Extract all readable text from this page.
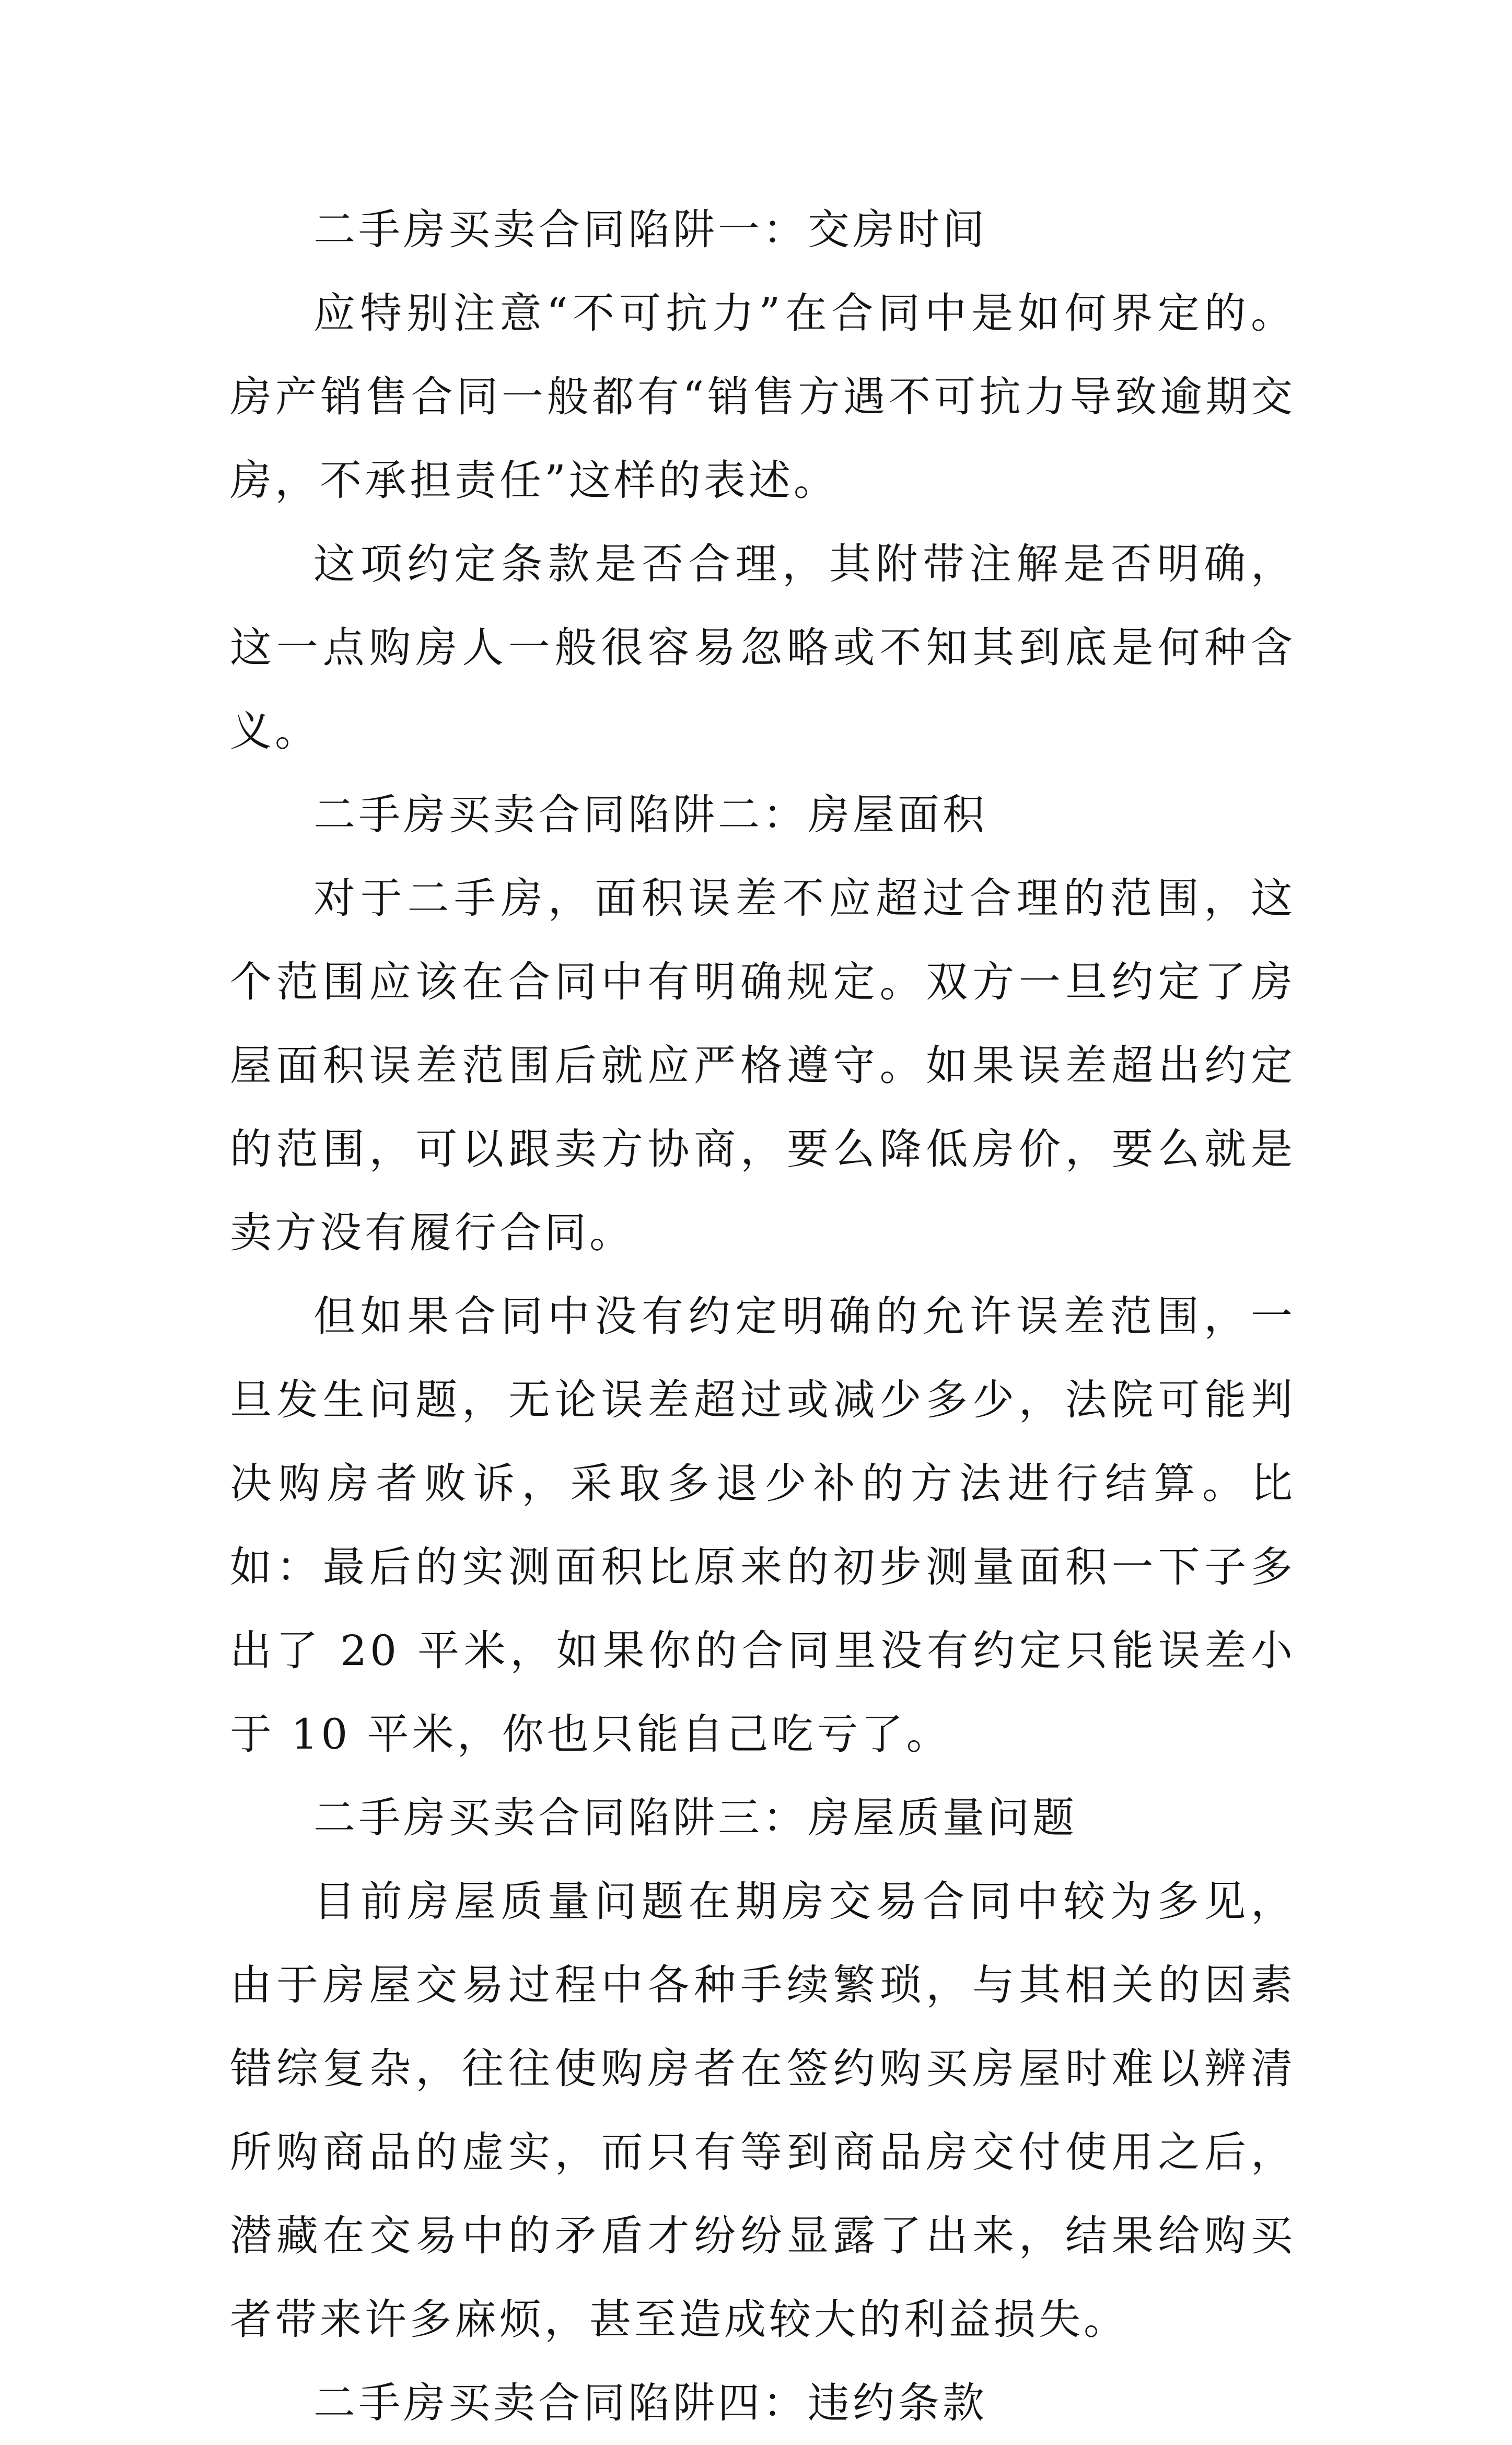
二手房买卖合同陷阱一：交房时间

应特别注意“不可抗力”在合同中是如何界定的。房产销售合同一般都有“销售方遇不可抗力导致逾期交房，不承担责任”这样的表述。

这项约定条款是否合理，其附带注解是否明确，这一点购房人一般很容易忽略或不知其到底是何种含义。

二手房买卖合同陷阱二：房屋面积

对于二手房，面积误差不应超过合理的范围，这个范围应该在合同中有明确规定。双方一旦约定了房屋面积误差范围后就应严格遵守。如果误差超出约定的范围，可以跟卖方协商，要么降低房价，要么就是卖方没有履行合同。

但如果合同中没有约定明确的允许误差范围，一旦发生问题，无论误差超过或减少多少，法院可能判决购房者败诉，采取多退少补的方法进行结算。比如：最后的实测面积比原来的初步测量面积一下子多出了 20 平米，如果你的合同里没有约定只能误差小于 10 平米，你也只能自己吃亏了。

二手房买卖合同陷阱三：房屋质量问题

目前房屋质量问题在期房交易合同中较为多见，由于房屋交易过程中各种手续繁琐，与其相关的因素错综复杂，往往使购房者在签约购买房屋时难以辨清所购商品的虚实，而只有等到商品房交付使用之后，潜藏在交易中的矛盾才纷纷显露了出来，结果给购买者带来许多麻烦，甚至造成较大的利益损失。

二手房买卖合同陷阱四：违约条款
